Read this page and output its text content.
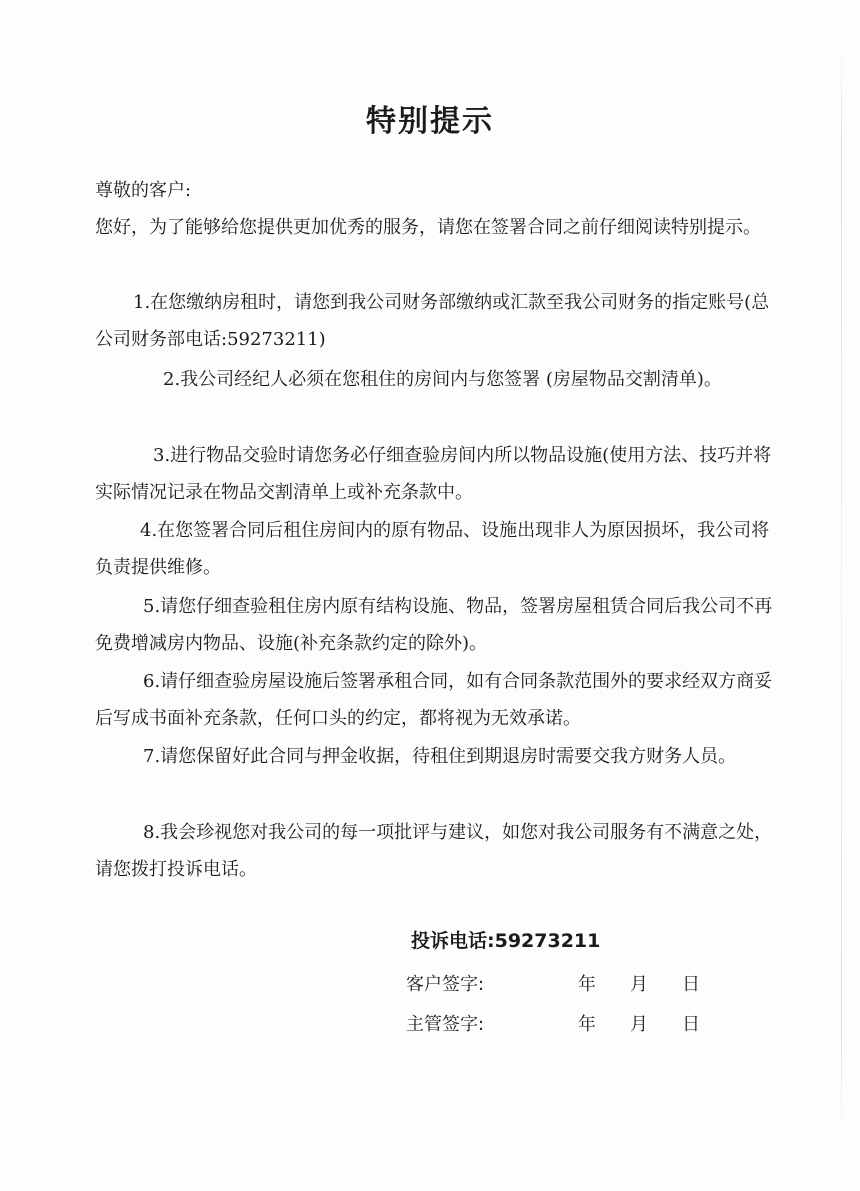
特别提示
尊敬的客户:
您好，为了能够给您提供更加优秀的服务，请您在签署合同之前仔细阅读特别提示。
1.在您缴纳房租时，请您到我公司财务部缴纳或汇款至我公司财务的指定账号(总公司财务部电话:59273211)
2.我公司经纪人必须在您租住的房间内与您签署 (房屋物品交割清单)。
3.进行物品交验时请您务必仔细查验房间内所以物品设施(使用方法、技巧并将实际情况记录在物品交割清单上或补充条款中。
4.在您签署合同后租住房间内的原有物品、设施出现非人为原因损坏，我公司将负责提供维修。
5.请您仔细查验租住房内原有结构设施、物品，签署房屋租赁合同后我公司不再免费增减房内物品、设施(补充条款约定的除外)。
6.请仔细查验房屋设施后签署承租合同，如有合同条款范围外的要求经双方商妥后写成书面补充条款，任何口头的约定，都将视为无效承诺。
7.请您保留好此合同与押金收据，待租住到期退房时需要交我方财务人员。
8.我会珍视您对我公司的每一项批评与建议，如您对我公司服务有不满意之处，请您拨打投诉电话。
投诉电话:59273211
客户签字:	年 月 日
主管签字:	年 月 日
